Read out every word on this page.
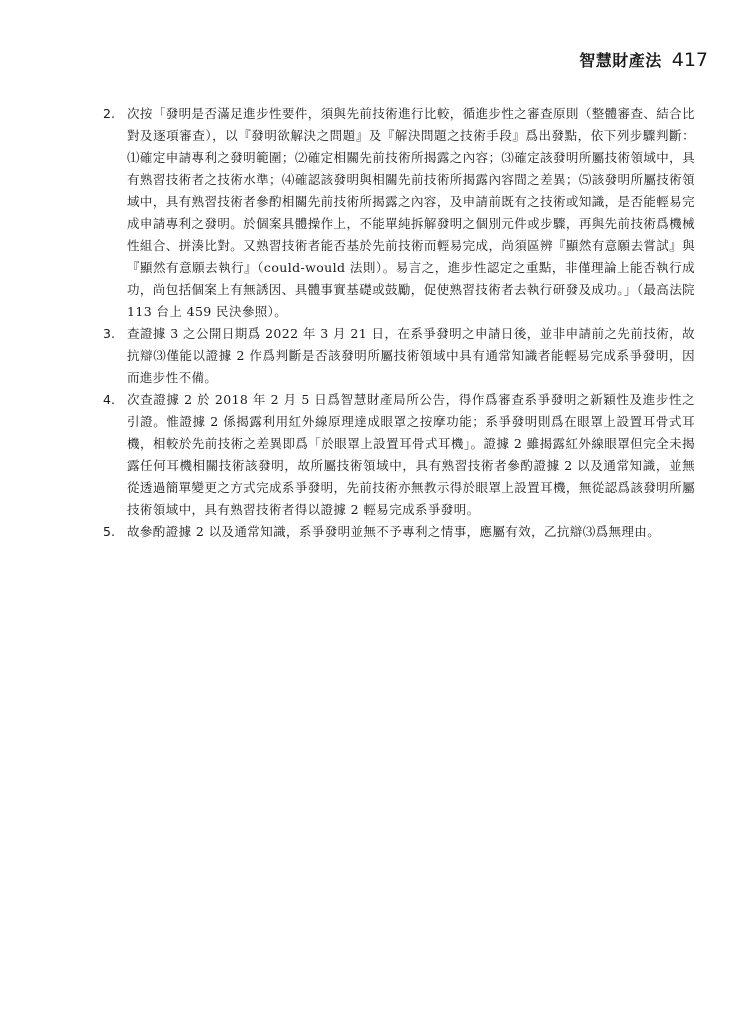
智慧財產法 417
2. 次按「發明是否滿足進步性要件，須與先前技術進行比較，循進步性之審查原則（整體審查、結合比對及逐項審查），以『發明欲解決之問題』及『解決問題之技術手段』爲出發點，依下列步驟判斷：⑴確定申請專利之發明範圍；⑵確定相關先前技術所揭露之內容；⑶確定該發明所屬技術領域中，具有熟習技術者之技術水準；⑷確認該發明與相關先前技術所揭露內容間之差異；⑸該發明所屬技術領域中，具有熟習技術者參酌相關先前技術所揭露之內容，及申請前既有之技術或知識，是否能輕易完成申請專利之發明。於個案具體操作上，不能單純拆解發明之個別元件或步驟，再與先前技術爲機械性組合、拼湊比對。又熟習技術者能否基於先前技術而輕易完成，尚須區辨『顯然有意願去嘗試』與『顯然有意願去執行』（could-would 法則）。易言之，進步性認定之重點，非僅理論上能否執行成功，尚包括個案上有無誘因、具體事實基礎或鼓勵，促使熟習技術者去執行研發及成功。」（最高法院 113 台上 459 民決參照）。
3. 查證據 3 之公開日期爲 2022 年 3 月 21 日，在系爭發明之申請日後，並非申請前之先前技術，故抗辯⑶僅能以證據 2 作爲判斷是否該發明所屬技術領域中具有通常知識者能輕易完成系爭發明，因而進步性不備。
4. 次查證據 2 於 2018 年 2 月 5 日爲智慧財產局所公告，得作爲審查系爭發明之新穎性及進步性之引證。惟證據 2 係揭露利用紅外線原理達成眼罩之按摩功能；系爭發明則爲在眼罩上設置耳骨式耳機，相較於先前技術之差異即爲「於眼罩上設置耳骨式耳機」。證據 2 雖揭露紅外線眼罩但完全未揭露任何耳機相關技術該發明，故所屬技術領域中，具有熟習技術者參酌證據 2 以及通常知識，並無從透過簡單變更之方式完成系爭發明，先前技術亦無教示得於眼罩上設置耳機，無從認爲該發明所屬技術領域中，具有熟習技術者得以證據 2 輕易完成系爭發明。
5. 故參酌證據 2 以及通常知識，系爭發明並無不予專利之情事，應屬有效，乙抗辯⑶爲無理由。
